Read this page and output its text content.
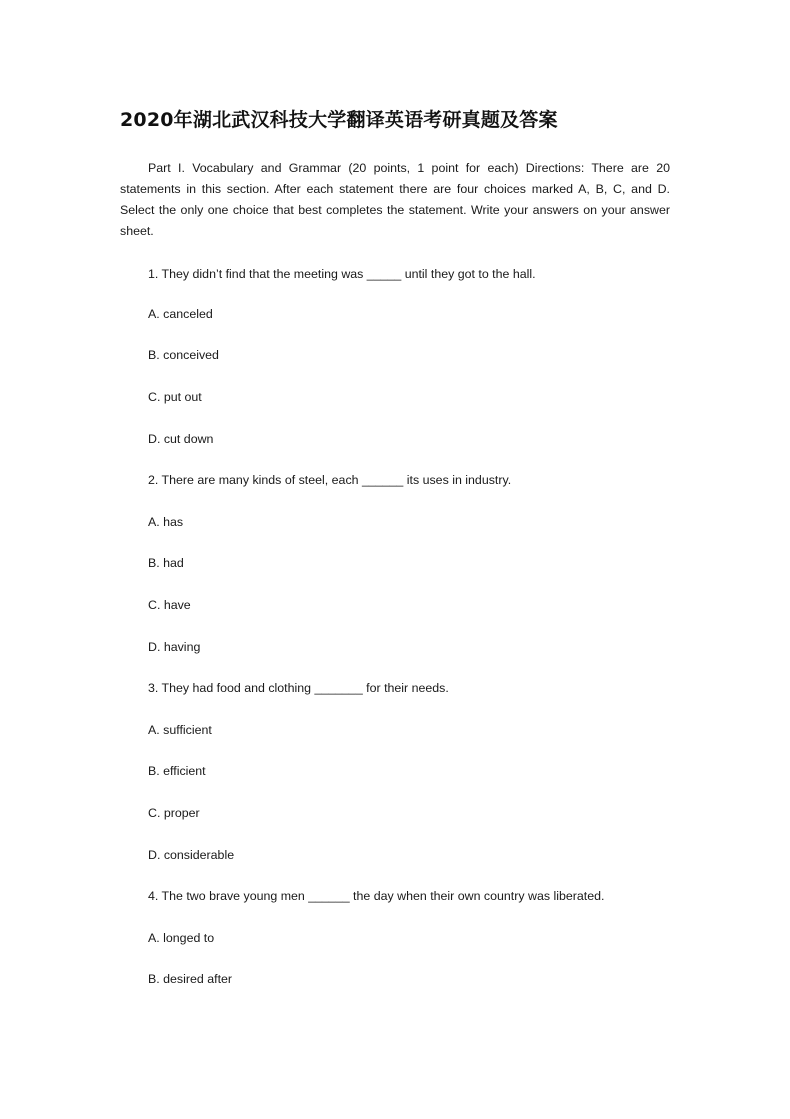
2020年湖北武汉科技大学翻译英语考研真题及答案
Part I. Vocabulary and Grammar (20 points, 1 point for each) Directions: There are 20 statements in this section. After each statement there are four choices marked A, B, C, and D. Select the only one choice that best completes the statement. Write your answers on your answer sheet.
1. They didn’t find that the meeting was _____ until they got to the hall.
A. canceled
B. conceived
C. put out
D. cut down
2. There are many kinds of steel, each ______ its uses in industry.
A. has
B. had
C. have
D. having
3. They had food and clothing _______ for their needs.
A. sufficient
B. efficient
C. proper
D. considerable
4. The two brave young men ______ the day when their own country was liberated.
A. longed to
B. desired after
